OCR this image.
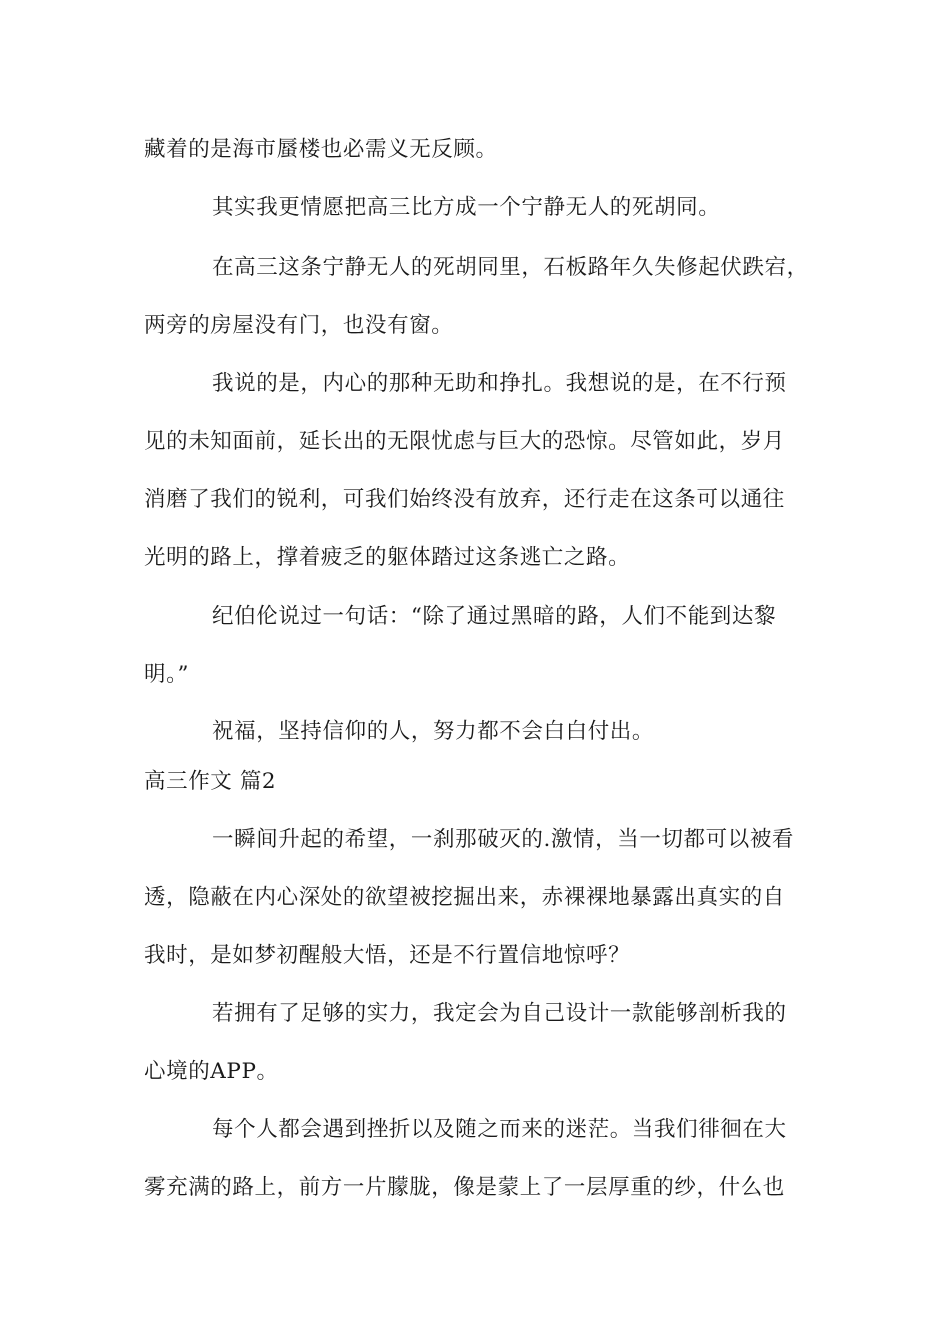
藏着的是海市蜃楼也必需义无反顾。
其实我更情愿把高三比方成一个宁静无人的死胡同。
在高三这条宁静无人的死胡同里，石板路年久失修起伏跌宕，
两旁的房屋没有门，也没有窗。
我说的是，内心的那种无助和挣扎。我想说的是，在不行预
见的未知面前，延长出的无限忧虑与巨大的恐惊。尽管如此，岁月
消磨了我们的锐利，可我们始终没有放弃，还行走在这条可以通往
光明的路上，撑着疲乏的躯体踏过这条逃亡之路。
纪伯伦说过一句话：“除了通过黑暗的路，人们不能到达黎
明。”
祝福，坚持信仰的人，努力都不会白白付出。
高三作文 篇2
一瞬间升起的希望，一刹那破灭的.激情，当一切都可以被看
透，隐蔽在内心深处的欲望被挖掘出来，赤裸裸地暴露出真实的自
我时，是如梦初醒般大悟，还是不行置信地惊呼？
若拥有了足够的实力，我定会为自己设计一款能够剖析我的
心境的APP。
每个人都会遇到挫折以及随之而来的迷茫。当我们徘徊在大
雾充满的路上，前方一片朦胧，像是蒙上了一层厚重的纱，什么也
